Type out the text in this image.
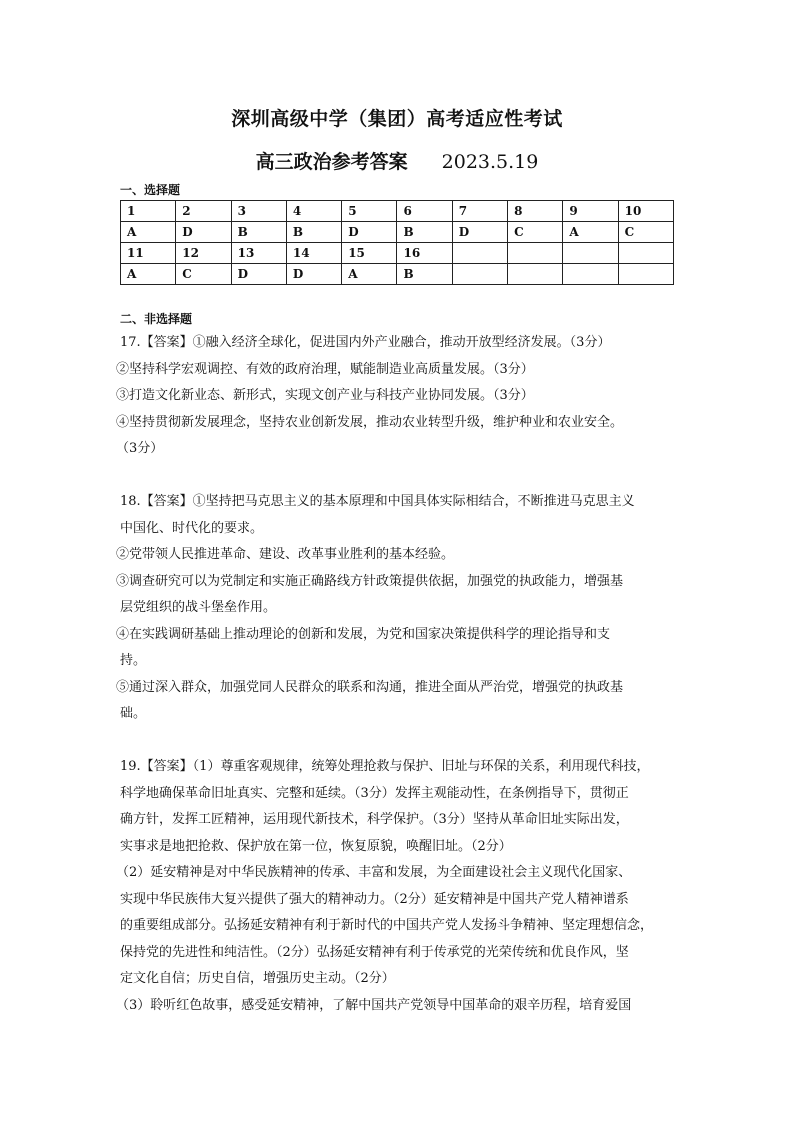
深圳高级中学（集团）高考适应性考试
高三政治参考答案 2023.5.19
一、选择题
1	2	3	4	5	6	7	8	9	10
A	D	B	B	D	B	D	C	A	C
11	12	13	14	15	16				
A	C	D	D	A	B				
二、非选择题

17.【答案】①融入经济全球化，促进国内外产业融合，推动开放型经济发展。（3分）

②坚持科学宏观调控、有效的政府治理，赋能制造业高质量发展。（3分）

③打造文化新业态、新形式，实现文创产业与科技产业协同发展。（3分）

④坚持贯彻新发展理念，坚持农业创新发展，推动农业转型升级，维护种业和农业安全。

（3分）

18.【答案】①坚持把马克思主义的基本原理和中国具体实际相结合，不断推进马克思主义

中国化、时代化的要求。

②党带领人民推进革命、建设、改革事业胜利的基本经验。

③调查研究可以为党制定和实施正确路线方针政策提供依据，加强党的执政能力，增强基

层党组织的战斗堡垒作用。

④在实践调研基础上推动理论的创新和发展，为党和国家决策提供科学的理论指导和支

持。

⑤通过深入群众，加强党同人民群众的联系和沟通，推进全面从严治党，增强党的执政基

础。

19.【答案】（1）尊重客观规律，统筹处理抢救与保护、旧址与环保的关系，利用现代科技，

科学地确保革命旧址真实、完整和延续。（3分）发挥主观能动性，在条例指导下，贯彻正

确方针，发挥工匠精神，运用现代新技术，科学保护。（3分）坚持从革命旧址实际出发，

实事求是地把抢救、保护放在第一位，恢复原貌，唤醒旧址。（2分）

（2）延安精神是对中华民族精神的传承、丰富和发展，为全面建设社会主义现代化国家、

实现中华民族伟大复兴提供了强大的精神动力。（2分）延安精神是中国共产党人精神谱系

的重要组成部分。弘扬延安精神有利于新时代的中国共产党人发扬斗争精神、坚定理想信念，

保持党的先进性和纯洁性。（2分）弘扬延安精神有利于传承党的光荣传统和优良作风，坚

定文化自信；历史自信，增强历史主动。（2分）

（3）聆听红色故事，感受延安精神，了解中国共产党领导中国革命的艰辛历程，培育爱国
